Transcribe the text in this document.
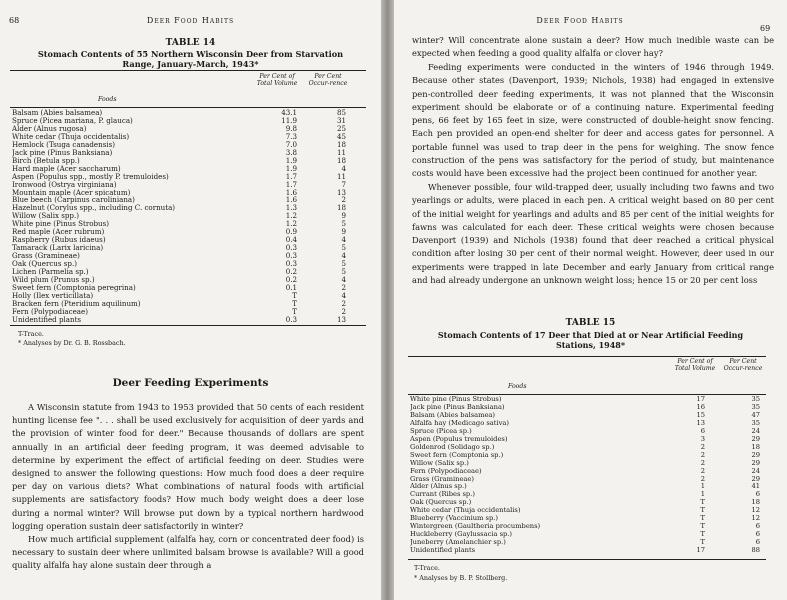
68	Deer Food Habits
TABLE 14
Stomach Contents of 55 Northern Wisconsin Deer from Starvation Range, January-March, 1943*
Foods
Per Cent of Total Volume
Per Cent Occur-rence
Balsam (Abies balsamea)	43.1	85
Spruce (Picea mariana, P. glauca)	11.9	31
Alder (Alnus rugosa)	9.8	25
White cedar (Thuja occidentalis)	7.3	45
Hemlock (Tsuga canadensis)	7.0	18
Jack pine (Pinus Banksiana)	3.8	11
Birch (Betula spp.)	1.9	18
Hard maple (Acer saccharum)	1.9	4
Aspen (Populus spp., mostly P. tremuloides)	1.7	11
Ironwood (Ostrya virginiana)	1.7	7
Mountain maple (Acer spicatum)	1.6	13
Blue beech (Carpinus caroliniana)	1.6	2
Hazelnut (Corylus spp., including C. cornuta)	1.3	18
Willow (Salix spp.)	1.2	9
White pine (Pinus Strobus)	1.2	5
Red maple (Acer rubrum)	0.9	9
Raspberry (Rubus idaeus)	0.4	4
Tamarack (Larix laricina)	0.3	5
Grass (Gramineae)	0.3	4
Oak (Quercus sp.)	0.3	5
Lichen (Parmelia sp.)	0.2	5
Wild plum (Prunus sp.)	0.2	4
Sweet fern (Comptonia peregrina)	0.1	2
Holly (Ilex verticillata)	T	4
Bracken fern (Pteridium aquilinum)	T	2
Fern (Polypodiaceae)	T	2
Unidentified plants	0.3	13
T-Trace.
* Analyses by Dr. G. B. Rossbach.
Deer Feeding Experiments

A Wisconsin statute from 1943 to 1953 provided that 50 cents of each resident hunting license fee ". . . shall be used exclusively for acquisition of deer yards and the provision of winter food for deer." Because thousands of dollars are spent annually in an artificial deer feeding program, it was deemed advisable to determine by experiment the effect of artificial feeding on deer. Studies were designed to answer the following questions: How much food does a deer require per day on various diets? What combinations of natural foods with artificial supplements are satisfactory foods? How much body weight does a deer lose during a normal winter? Will browse put down by a typical northern hardwood logging operation sustain deer satisfactorily in winter?

How much artificial supplement (alfalfa hay, corn or concentrated deer food) is necessary to sustain deer where unlimited balsam browse is available? Will a good quality alfalfa hay alone sustain deer through a

Deer Food Habits
69

winter? Will concentrate alone sustain a deer? How much inedible waste can be expected when feeding a good quality alfalfa or clover hay?

Feeding experiments were conducted in the winters of 1946 through 1949. Because other states (Davenport, 1939; Nichols, 1938) had engaged in extensive pen-controlled deer feeding experiments, it was not planned that the Wisconsin experiment should be elaborate or of a continuing nature. Experimental feeding pens, 66 feet by 165 feet in size, were constructed of double-height snow fencing. Each pen provided an open-end shelter for deer and access gates for personnel. A portable funnel was used to trap deer in the pens for weighing. The snow fence construction of the pens was satisfactory for the period of study, but maintenance costs would have been excessive had the project been continued for another year.

Whenever possible, four wild-trapped deer, usually including two fawns and two yearlings or adults, were placed in each pen. A critical weight based on 80 per cent of the initial weight for yearlings and adults and 85 per cent of the initial weights for fawns was calculated for each deer. These critical weights were chosen because Davenport (1939) and Nichols (1938) found that deer reached a critical physical condition after losing 30 per cent of their normal weight. However, deer used in our experiments were trapped in late December and early January from critical range and had already undergone an unknown weight loss; hence 15 or 20 per cent loss

TABLE 15
Stomach Contents of 17 Deer that Died at or Near Artificial Feeding Stations, 1948*
Foods
Per Cent of Total Volume
Per Cent Occur-rence
White pine (Pinus Strobus)	17	35
Jack pine (Pinus Banksiana)	16	35
Balsam (Abies balsamea)	15	47
Alfalfa hay (Medicago sativa)	13	35
Spruce (Picea sp.)	6	24
Aspen (Populus tremuloides)	3	29
Goldenrod (Solidago sp.)	2	18
Sweet fern (Comptonia sp.)	2	29
Willow (Salix sp.)	2	29
Fern (Polypodiaceae)	2	24
Grass (Gramineae)	2	29
Alder (Alnus sp.)	1	41
Currant (Ribes sp.)	1	6
Oak (Quercus sp.)	T	18
White cedar (Thuja occidentalis)	T	12
Blueberry (Vaccinium sp.)	T	12
Wintergreen (Gaultheria procumbens)	T	6
Huckleberry (Gaylussacia sp.)	T	6
Juneberry (Amelanchier sp.)	T	6
Unidentified plants	17	88
T-Trace.
* Analyses by B. P. Stollberg.
